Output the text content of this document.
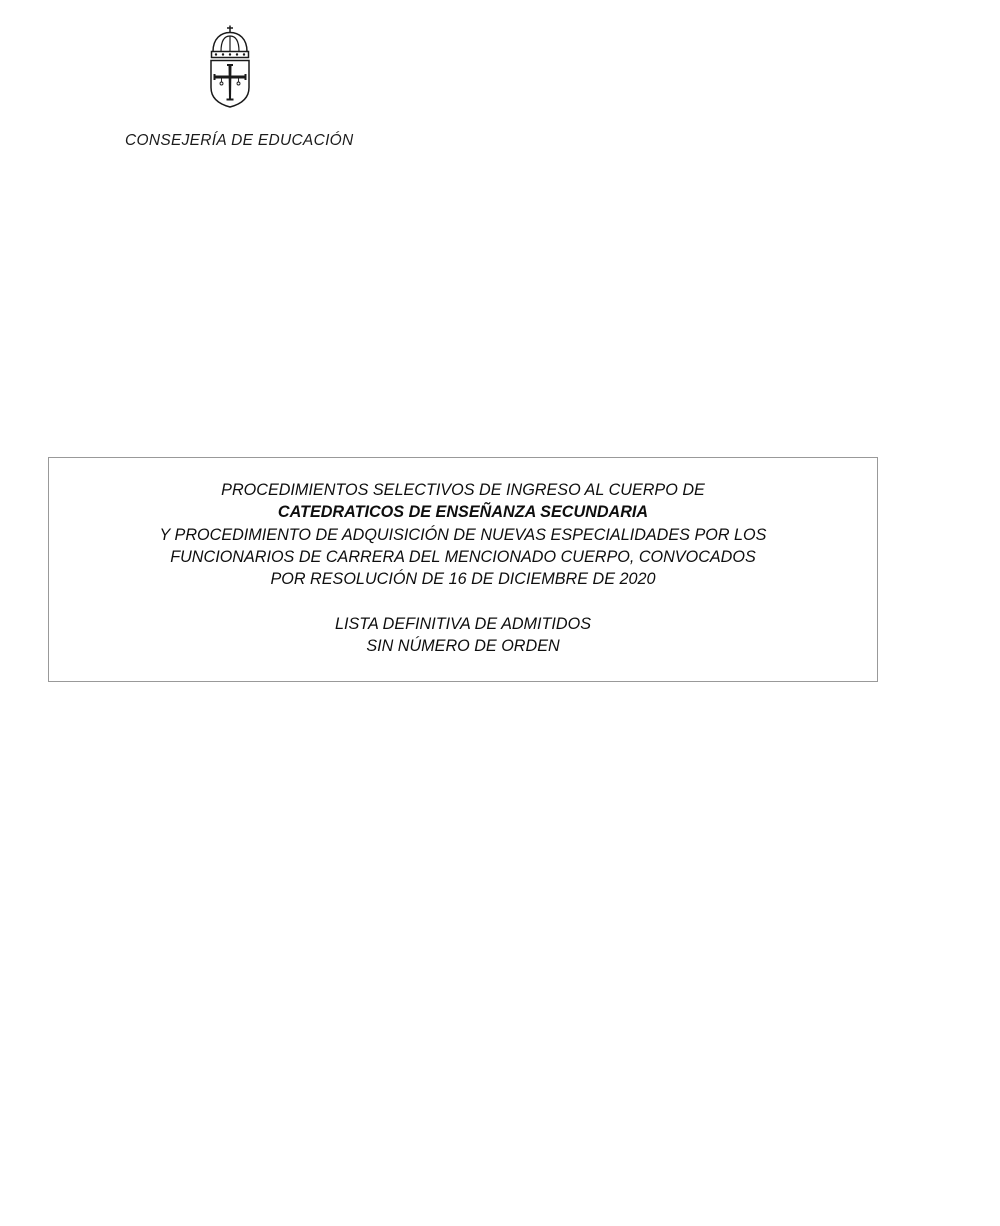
CONSEJERÍA DE EDUCACIÓN
PROCEDIMIENTOS SELECTIVOS DE INGRESO AL CUERPO DE
CATEDRATICOS DE ENSEÑANZA SECUNDARIA
Y PROCEDIMIENTO DE ADQUISICIÓN DE NUEVAS ESPECIALIDADES POR LOS
FUNCIONARIOS DE CARRERA DEL MENCIONADO CUERPO, CONVOCADOS
POR RESOLUCIÓN DE 16 DE DICIEMBRE DE 2020
LISTA DEFINITIVA DE ADMITIDOS
SIN NÚMERO DE ORDEN
